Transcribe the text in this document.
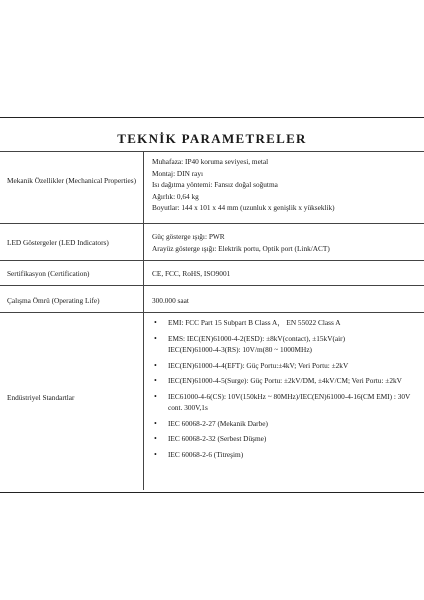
TEKNİK PARAMETRELER
Mekanik Özellikler (Mechanical Properties)
Muhafaza: IP40 koruma seviyesi, metal
Montaj: DIN rayı
Isı dağıtma yöntemi: Fansız doğal soğutma
Ağırlık: 0,64 kg
Boyutlar: 144 x 101 x 44 mm (uzunluk x genişlik x yükseklik)
LED Göstergeler (LED Indicators)
Güç gösterge ışığı: PWR
Arayüz gösterge ışığı: Elektrik portu, Optik port (Link/ACT)
Sertifikasyon (Certification)	CE, FCC, RoHS, ISO9001
Çalışma Ömrü (Operating Life)	300.000 saat
Endüstriyel Standartlar
• EMI: FCC Part 15 Subpart B Class A， EN 55022 Class A
• EMS: IEC(EN)61000-4-2(ESD): ±8kV(contact), ±15kV(air)
IEC(EN)61000-4-3(RS): 10V/m(80 ~ 1000MHz)
• IEC(EN)61000-4-4(EFT): Güç Portu:±4kV; Veri Portu: ±2kV
• IEC(EN)61000-4-5(Surge): Güç Portu: ±2kV/DM, ±4kV/CM; Veri Portu: ±2kV
• IEC61000-4-6(CS): 10V(150kHz ~ 80MHz)/IEC(EN)61000-4-16(CM EMI) : 30V cont. 300V,1s
• IEC 60068-2-27 (Mekanik Darbe)
• IEC 60068-2-32 (Serbest Düşme)
• IEC 60068-2-6 (Titreşim)
